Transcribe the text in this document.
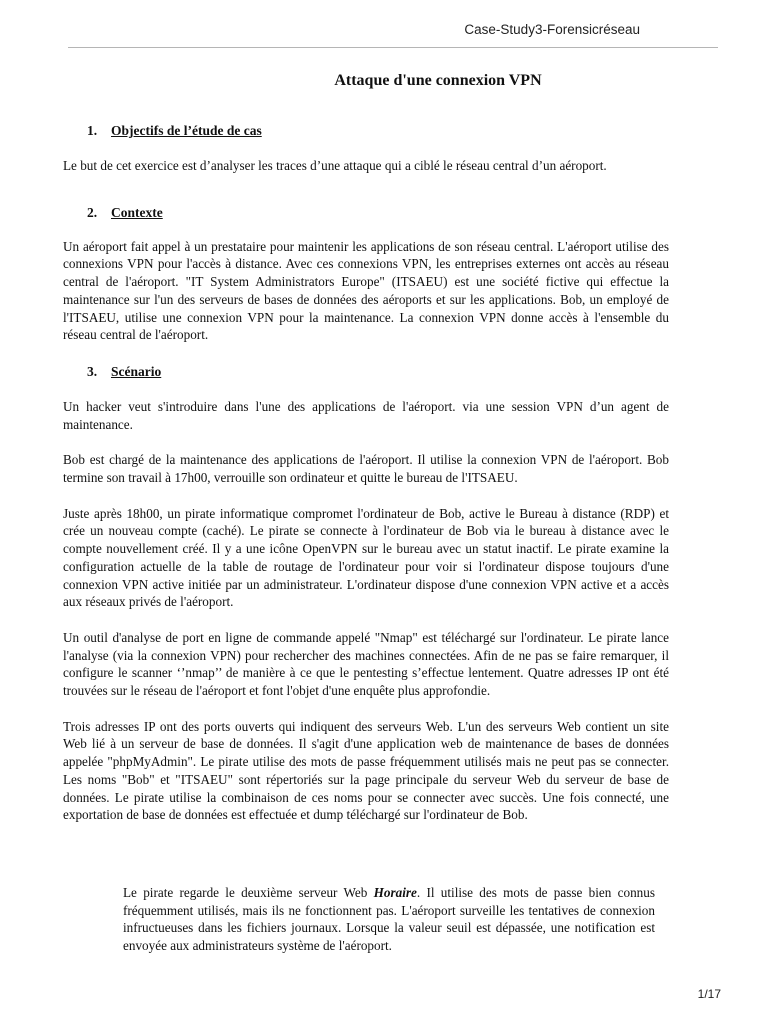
Case-Study3-Forensicréseau
Attaque d'une connexion VPN
1.	Objectifs de l’étude de cas

Le but de cet exercice est d’analyser les traces d’une attaque qui a ciblé le réseau central d’un aéroport.

2.	Contexte

Un aéroport fait appel à un prestataire pour maintenir les applications de son réseau central. L'aéroport utilise des connexions VPN pour l'accès à distance. Avec ces connexions VPN, les entreprises externes ont accès au réseau central de l'aéroport. "IT System Administrators Europe" (ITSAEU) est une société fictive qui effectue la maintenance sur l'un des serveurs de bases de données des aéroports et sur les applications. Bob, un employé de l'ITSAEU, utilise une connexion VPN pour la maintenance. La connexion VPN donne accès à l'ensemble du réseau central de l'aéroport.

3.	Scénario

Un hacker veut s'introduire dans l'une des applications de l'aéroport. via une session VPN d’un agent de maintenance.

Bob est chargé de la maintenance des applications de l'aéroport. Il utilise la connexion VPN de l'aéroport. Bob termine son travail à 17h00, verrouille son ordinateur et quitte le bureau de l'ITSAEU.

Juste après 18h00, un pirate informatique compromet l'ordinateur de Bob, active le Bureau à distance (RDP) et crée un nouveau compte (caché). Le pirate se connecte à l'ordinateur de Bob via le bureau à distance avec le compte nouvellement créé. Il y a une icône OpenVPN sur le bureau avec un statut inactif. Le pirate examine la configuration actuelle de la table de routage de l'ordinateur pour voir si l'ordinateur dispose toujours d'une connexion VPN active initiée par un administrateur. L'ordinateur dispose d'une connexion VPN active et a accès aux réseaux privés de l'aéroport.

Un outil d'analyse de port en ligne de commande appelé "Nmap" est téléchargé sur l'ordinateur. Le pirate lance l'analyse (via la connexion VPN) pour rechercher des machines connectées. Afin de ne pas se faire remarquer, il configure le scanner ‘’nmap’’ de manière à ce que le pentesting s’effectue lentement. Quatre adresses IP ont été trouvées sur le réseau de l'aéroport et font l'objet d'une enquête plus approfondie.

Trois adresses IP ont des ports ouverts qui indiquent des serveurs Web. L'un des serveurs Web contient un site Web lié à un serveur de base de données. Il s'agit d'une application web de maintenance de bases de données appelée "phpMyAdmin". Le pirate utilise des mots de passe fréquemment utilisés mais ne peut pas se connecter. Les noms "Bob" et "ITSAEU" sont répertoriés sur la page principale du serveur Web du serveur de base de données. Le pirate utilise la combinaison de ces noms pour se connecter avec succès. Une fois connecté, une exportation de base de données est effectuée et dump téléchargé sur l'ordinateur de Bob.

Le pirate regarde le deuxième serveur Web Horaire. Il utilise des mots de passe bien connus fréquemment utilisés, mais ils ne fonctionnent pas. L'aéroport surveille les tentatives de connexion infructueuses dans les fichiers journaux. Lorsque la valeur seuil est dépassée, une notification est envoyée aux administrateurs système de l'aéroport.

1/17
